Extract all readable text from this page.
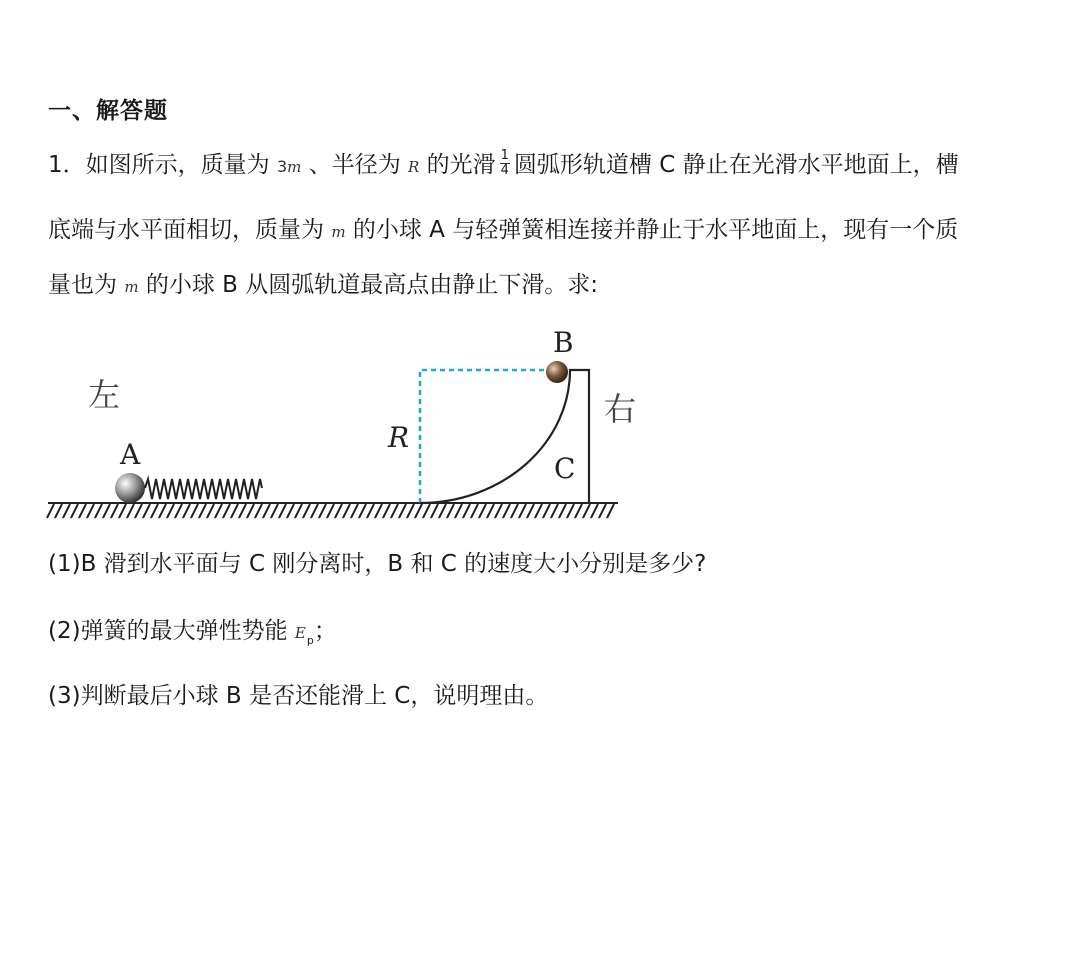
一、解答题
1．如图所示，质量为 3m 、半径为 R 的光滑 $\frac{1}{4}$ 圆弧形轨道槽 C 静止在光滑水平地面上，槽
底端与水平面相切，质量为 m 的小球 A 与轻弹簧相连接并静止于水平地面上，现有一个质
量也为 m 的小球 B 从圆弧轨道最高点由静止下滑。求:
左	右
A
R
C
B
(1)B 滑到水平面与 C 刚分离时，B 和 C 的速度大小分别是多少?
(2)弹簧的最大弹性势能 $E_p$；
(3)判断最后小球 B 是否还能滑上 C，说明理由。
